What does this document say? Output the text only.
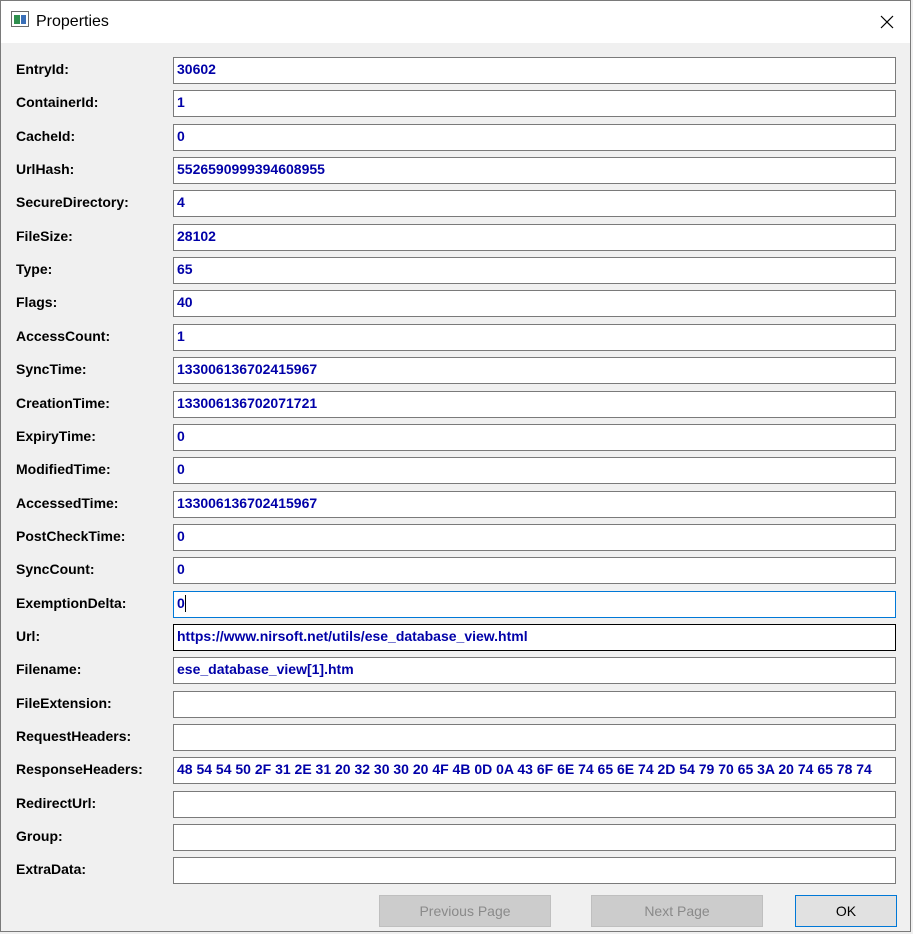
Properties
EntryId:	30602
ContainerId:	1
CacheId:	0
UrlHash:	5526590999394608955
SecureDirectory:	4
FileSize:	28102
Type:	65
Flags:	40
AccessCount:	1
SyncTime:	133006136702415967
CreationTime:	133006136702071721
ExpiryTime:	0
ModifiedTime:	0
AccessedTime:	133006136702415967
PostCheckTime:	0
SyncCount:	0
ExemptionDelta:	0
Url:	https://www.nirsoft.net/utils/ese_database_view.html
Filename:	ese_database_view[1].htm
FileExtension:
RequestHeaders:
ResponseHeaders: 48 54 54 50 2F 31 2E 31 20 32 30 30 20 4F 4B 0D 0A 43 6F 6E 74 65 6E 74 2D 54 79 70 65 3A 20 74 65 78 74
RedirectUrl:
Group:
ExtraData:
Previous Page	Next Page	OK
